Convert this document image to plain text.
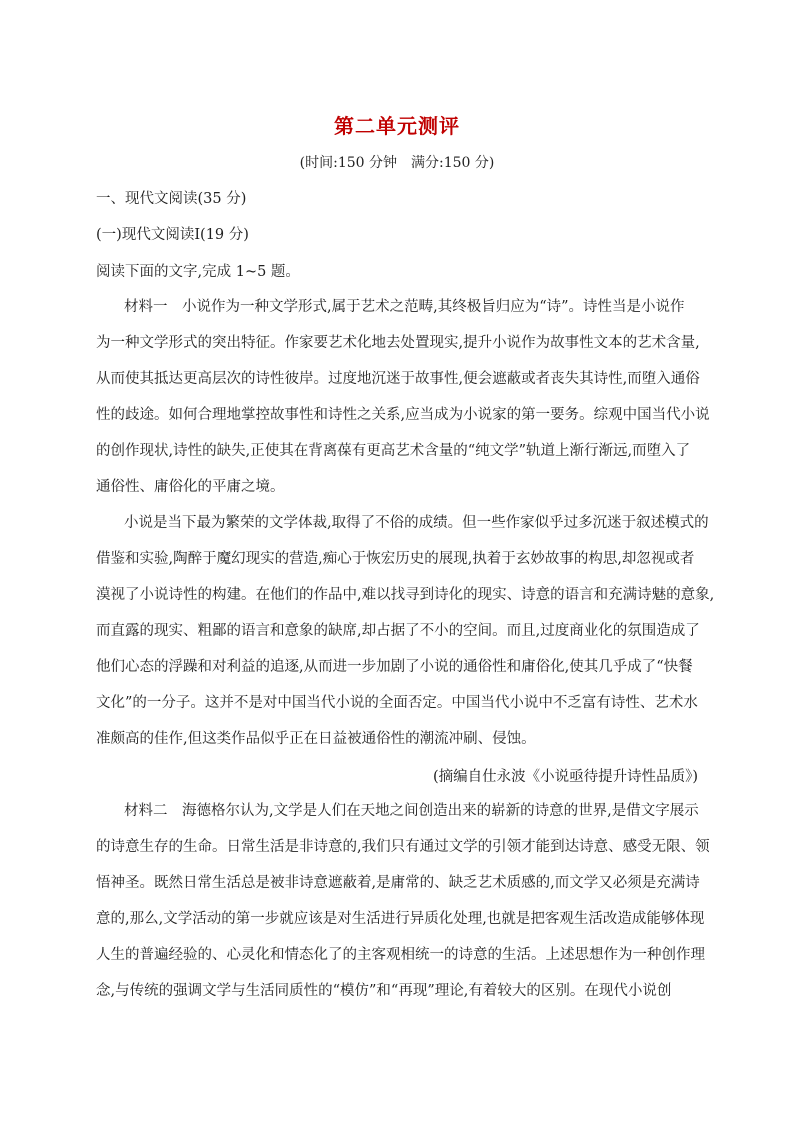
第二单元测评
(时间:150 分钟　满分:150 分)
一、现代文阅读(35 分)
(一)现代文阅读Ⅰ(19 分)
阅读下面的文字,完成 1~5 题。
材料一　小说作为一种文学形式,属于艺术之范畴,其终极旨归应为“诗”。诗性当是小说作
为一种文学形式的突出特征。作家要艺术化地去处置现实,提升小说作为故事性文本的艺术含量,
从而使其抵达更高层次的诗性彼岸。过度地沉迷于故事性,便会遮蔽或者丧失其诗性,而堕入通俗
性的歧途。如何合理地掌控故事性和诗性之关系,应当成为小说家的第一要务。综观中国当代小说
的创作现状,诗性的缺失,正使其在背离葆有更高艺术含量的“纯文学”轨道上渐行渐远,而堕入了
通俗性、庸俗化的平庸之境。
小说是当下最为繁荣的文学体裁,取得了不俗的成绩。但一些作家似乎过多沉迷于叙述模式的
借鉴和实验,陶醉于魔幻现实的营造,痴心于恢宏历史的展现,执着于玄妙故事的构思,却忽视或者
漠视了小说诗性的构建。在他们的作品中,难以找寻到诗化的现实、诗意的语言和充满诗魅的意象,
而直露的现实、粗鄙的语言和意象的缺席,却占据了不小的空间。而且,过度商业化的氛围造成了
他们心态的浮躁和对利益的追逐,从而进一步加剧了小说的通俗性和庸俗化,使其几乎成了“快餐
文化”的一分子。这并不是对中国当代小说的全面否定。中国当代小说中不乏富有诗性、艺术水
准颇高的佳作,但这类作品似乎正在日益被通俗性的潮流冲刷、侵蚀。
(摘编自仕永波《小说亟待提升诗性品质》)
材料二　海德格尔认为,文学是人们在天地之间创造出来的崭新的诗意的世界,是借文字展示
的诗意生存的生命。日常生活是非诗意的,我们只有通过文学的引领才能到达诗意、感受无限、领
悟神圣。既然日常生活总是被非诗意遮蔽着,是庸常的、缺乏艺术质感的,而文学又必须是充满诗
意的,那么,文学活动的第一步就应该是对生活进行异质化处理,也就是把客观生活改造成能够体现
人生的普遍经验的、心灵化和情态化了的主客观相统一的诗意的生活。上述思想作为一种创作理
念,与传统的强调文学与生活同质性的“模仿”和“再现”理论,有着较大的区别。在现代小说创
